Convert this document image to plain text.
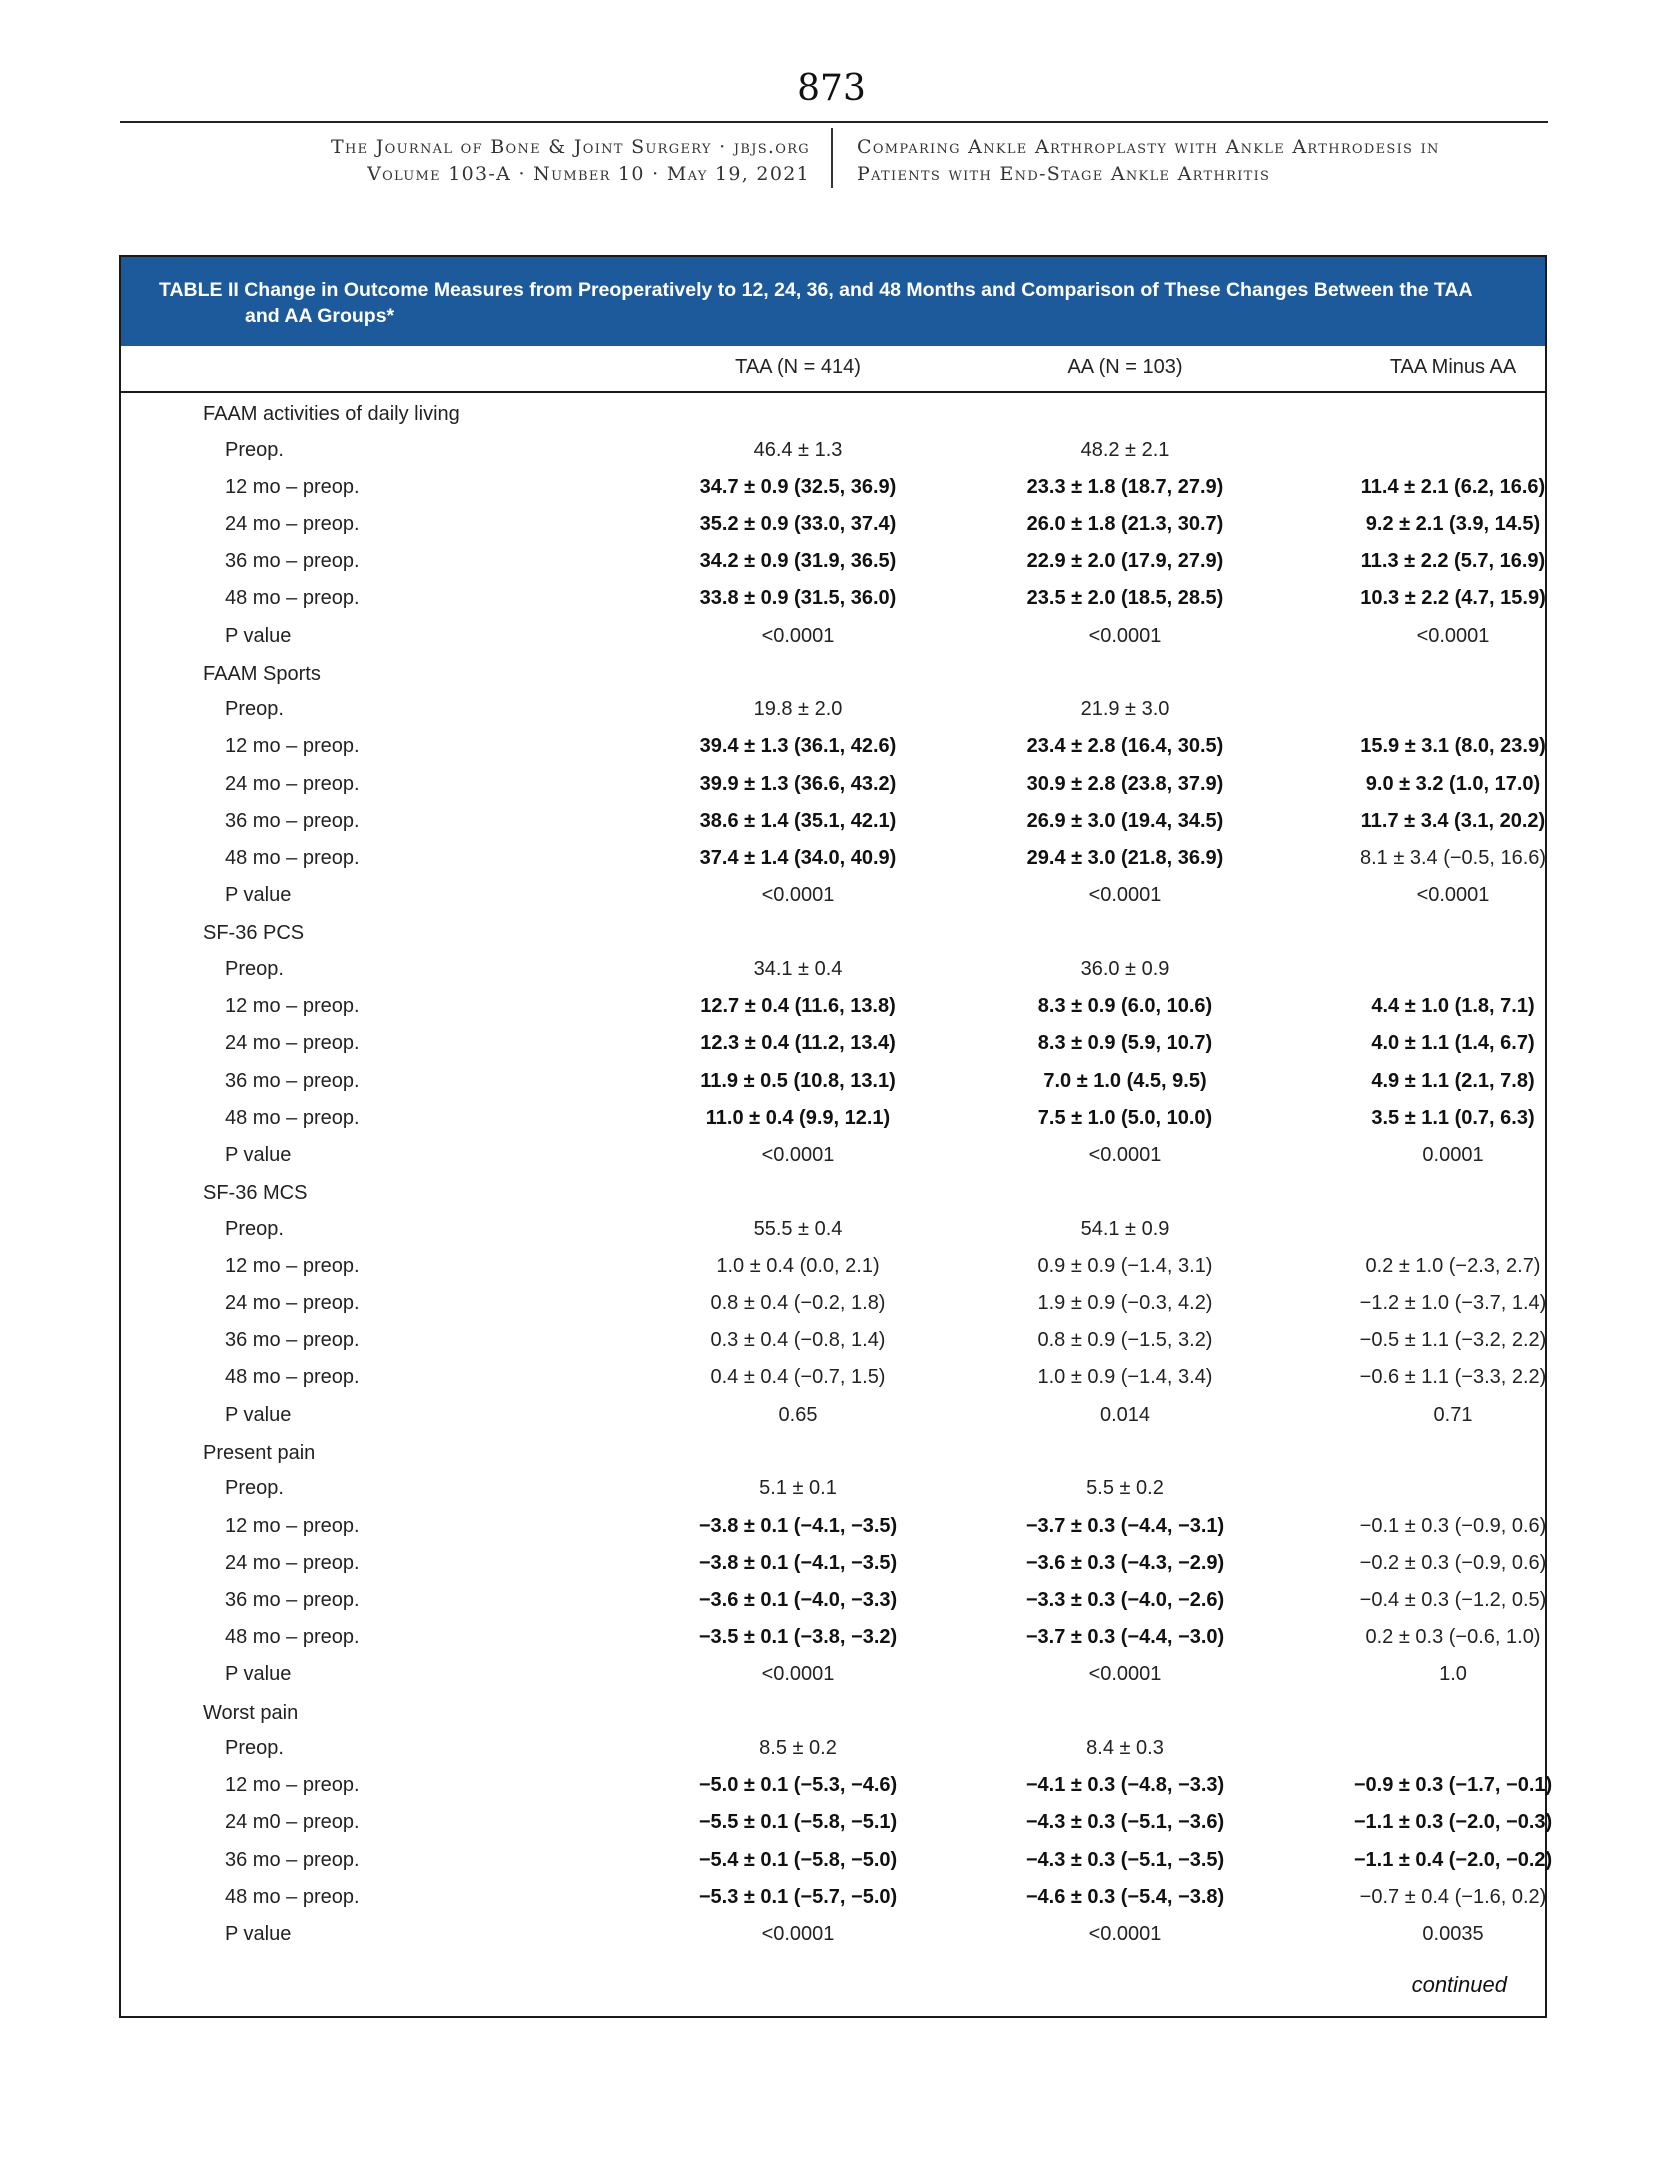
873
The Journal of Bone & Joint Surgery · jbjs.org
Volume 103-A · Number 10 · May 19, 2021
Comparing Ankle Arthroplasty with Ankle Arthrodesis in
Patients with End-Stage Ankle Arthritis

TABLE II Change in Outcome Measures from Preoperatively to 12, 24, 36, and 48 Months and Comparison of These Changes Between the TAA
and AA Groups*

TAA (N = 414)	AA (N = 103)	TAA Minus AA
FAAM activities of daily living
Preop.	46.4 ± 1.3	48.2 ± 2.1
12 mo – preop.	34.7 ± 0.9 (32.5, 36.9)	23.3 ± 1.8 (18.7, 27.9)	11.4 ± 2.1 (6.2, 16.6)
24 mo – preop.	35.2 ± 0.9 (33.0, 37.4)	26.0 ± 1.8 (21.3, 30.7)	9.2 ± 2.1 (3.9, 14.5)
36 mo – preop.	34.2 ± 0.9 (31.9, 36.5)	22.9 ± 2.0 (17.9, 27.9)	11.3 ± 2.2 (5.7, 16.9)
48 mo – preop.	33.8 ± 0.9 (31.5, 36.0)	23.5 ± 2.0 (18.5, 28.5)	10.3 ± 2.2 (4.7, 15.9)
P value	<0.0001	<0.0001	<0.0001
FAAM Sports
Preop.	19.8 ± 2.0	21.9 ± 3.0
12 mo – preop.	39.4 ± 1.3 (36.1, 42.6)	23.4 ± 2.8 (16.4, 30.5)	15.9 ± 3.1 (8.0, 23.9)
24 mo – preop.	39.9 ± 1.3 (36.6, 43.2)	30.9 ± 2.8 (23.8, 37.9)	9.0 ± 3.2 (1.0, 17.0)
36 mo – preop.	38.6 ± 1.4 (35.1, 42.1)	26.9 ± 3.0 (19.4, 34.5)	11.7 ± 3.4 (3.1, 20.2)
48 mo – preop.	37.4 ± 1.4 (34.0, 40.9)	29.4 ± 3.0 (21.8, 36.9)	8.1 ± 3.4 (−0.5, 16.6)
P value	<0.0001	<0.0001	<0.0001
SF-36 PCS
Preop.	34.1 ± 0.4	36.0 ± 0.9
12 mo – preop.	12.7 ± 0.4 (11.6, 13.8)	8.3 ± 0.9 (6.0, 10.6)	4.4 ± 1.0 (1.8, 7.1)
24 mo – preop.	12.3 ± 0.4 (11.2, 13.4)	8.3 ± 0.9 (5.9, 10.7)	4.0 ± 1.1 (1.4, 6.7)
36 mo – preop.	11.9 ± 0.5 (10.8, 13.1)	7.0 ± 1.0 (4.5, 9.5)	4.9 ± 1.1 (2.1, 7.8)
48 mo – preop.	11.0 ± 0.4 (9.9, 12.1)	7.5 ± 1.0 (5.0, 10.0)	3.5 ± 1.1 (0.7, 6.3)
P value	<0.0001	<0.0001	0.0001
SF-36 MCS
Preop.	55.5 ± 0.4	54.1 ± 0.9
12 mo – preop.	1.0 ± 0.4 (0.0, 2.1)	0.9 ± 0.9 (−1.4, 3.1)	0.2 ± 1.0 (−2.3, 2.7)
24 mo – preop.	0.8 ± 0.4 (−0.2, 1.8)	1.9 ± 0.9 (−0.3, 4.2)	−1.2 ± 1.0 (−3.7, 1.4)
36 mo – preop.	0.3 ± 0.4 (−0.8, 1.4)	0.8 ± 0.9 (−1.5, 3.2)	−0.5 ± 1.1 (−3.2, 2.2)
48 mo – preop.	0.4 ± 0.4 (−0.7, 1.5)	1.0 ± 0.9 (−1.4, 3.4)	−0.6 ± 1.1 (−3.3, 2.2)
P value	0.65	0.014	0.71
Present pain
Preop.	5.1 ± 0.1	5.5 ± 0.2
12 mo – preop.	−3.8 ± 0.1 (−4.1, −3.5)	−3.7 ± 0.3 (−4.4, −3.1)	−0.1 ± 0.3 (−0.9, 0.6)
24 mo – preop.	−3.8 ± 0.1 (−4.1, −3.5)	−3.6 ± 0.3 (−4.3, −2.9)	−0.2 ± 0.3 (−0.9, 0.6)
36 mo – preop.	−3.6 ± 0.1 (−4.0, −3.3)	−3.3 ± 0.3 (−4.0, −2.6)	−0.4 ± 0.3 (−1.2, 0.5)
48 mo – preop.	−3.5 ± 0.1 (−3.8, −3.2)	−3.7 ± 0.3 (−4.4, −3.0)	0.2 ± 0.3 (−0.6, 1.0)
P value	<0.0001	<0.0001	1.0
Worst pain
Preop.	8.5 ± 0.2	8.4 ± 0.3
12 mo – preop.	−5.0 ± 0.1 (−5.3, −4.6)	−4.1 ± 0.3 (−4.8, −3.3)	−0.9 ± 0.3 (−1.7, −0.1)
24 m0 – preop.	−5.5 ± 0.1 (−5.8, −5.1)	−4.3 ± 0.3 (−5.1, −3.6)	−1.1 ± 0.3 (−2.0, −0.3)
36 mo – preop.	−5.4 ± 0.1 (−5.8, −5.0)	−4.3 ± 0.3 (−5.1, −3.5)	−1.1 ± 0.4 (−2.0, −0.2)
48 mo – preop.	−5.3 ± 0.1 (−5.7, −5.0)	−4.6 ± 0.3 (−5.4, −3.8)	−0.7 ± 0.4 (−1.6, 0.2)
P value	<0.0001	<0.0001	0.0035
continued
